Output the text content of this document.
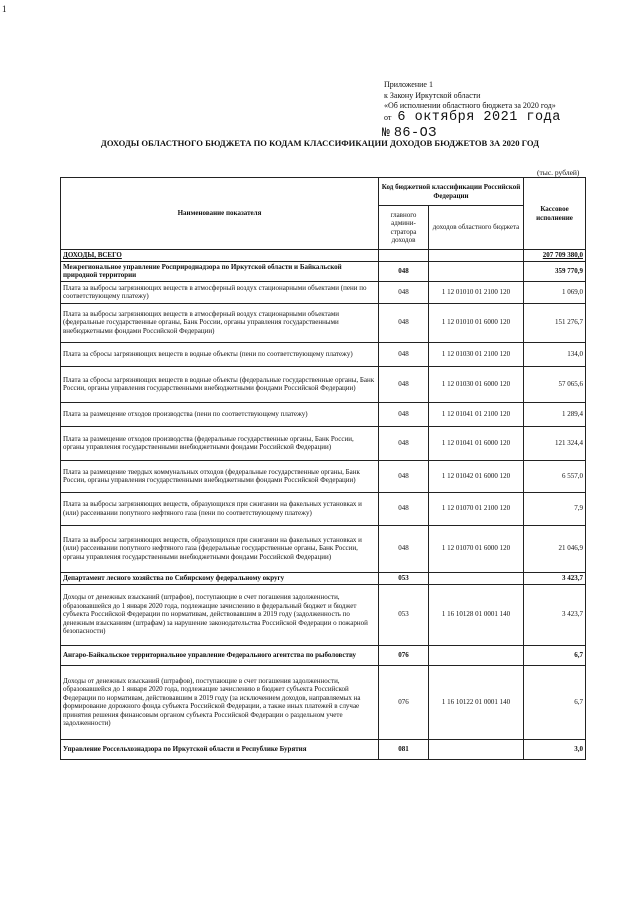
1
Приложение 1
к Закону Иркутской области
«Об исполнении областного бюджета за 2020 год»
от 6 октября 2021 года
№ 86-ОЗ
ДОХОДЫ ОБЛАСТНОГО БЮДЖЕТА ПО КОДАМ КЛАССИФИКАЦИИ ДОХОДОВ БЮДЖЕТОВ ЗА 2020 ГОД
(тыс. рублей)
Наименование показателя	Код бюджетной классификации Российской Федерации		Кассовое исполнение
	главного админи-стратора доходов	доходов областного бюджета	
ДОХОДЫ, ВСЕГО			207 709 380,0
Межрегиональное управление Росприроднадзора по Иркутской области и Байкальской природной территории	048		359 770,9
Плата за выбросы загрязняющих веществ в атмосферный воздух стационарными объектами (пени по соответствующему платежу)	048	1 12 01010 01 2100 120	1 069,0
Плата за выбросы загрязняющих веществ в атмосферный воздух стационарными объектами (федеральные государственные органы, Банк России, органы управления государственными внебюджетными фондами Российской Федерации)	048	1 12 01010 01 6000 120	151 276,7
Плата за сбросы загрязняющих веществ в водные объекты (пени по соответствующему платежу)	048	1 12 01030 01 2100 120	134,0
Плата за сбросы загрязняющих веществ в водные объекты (федеральные государственные органы, Банк России, органы управления государственными внебюджетными фондами Российской Федерации)	048	1 12 01030 01 6000 120	57 065,6
Плата за размещение отходов производства (пени по соответствующему платежу)	048	1 12 01041 01 2100 120	1 289,4
Плата за размещение отходов производства (федеральные государственные органы, Банк России, органы управления государственными внебюджетными фондами Российской Федерации)	048	1 12 01041 01 6000 120	121 324,4
Плата за размещение твердых коммунальных отходов (федеральные государственные органы, Банк России, органы управления государственными внебюджетными фондами Российской Федерации)	048	1 12 01042 01 6000 120	6 557,0
Плата за выбросы загрязняющих веществ, образующихся при сжигании на факельных установках и (или) рассеивании попутного нефтяного газа (пени по соответствующему платежу)	048	1 12 01070 01 2100 120	7,9
Плата за выбросы загрязняющих веществ, образующихся при сжигании на факельных установках и (или) рассеивании попутного нефтяного газа (федеральные государственные органы, Банк России, органы управления государственными внебюджетными фондами Российской Федерации)	048	1 12 01070 01 6000 120	21 046,9
Департамент лесного хозяйства по Сибирскому федеральному округу	053		3 423,7
Доходы от денежных взысканий (штрафов), поступающие в счет погашения задолженности, образовавшейся до 1 января 2020 года, подлежащие зачислению в федеральный бюджет и бюджет субъекта Российской Федерации по нормативам, действовавшим в 2019 году (задолженность по денежным взысканиям (штрафам) за нарушение законодательства Российской Федерации о пожарной безопасности)	053	1 16 10128 01 0001 140	3 423,7
Ангаро-Байкальское территориальное управление Федерального агентства по рыболовству	076		6,7
Доходы от денежных взысканий (штрафов), поступающие в счет погашения задолженности, образовавшейся до 1 января 2020 года, подлежащие зачислению в бюджет субъекта Российской Федерации по нормативам, действовавшим в 2019 году (за исключением доходов, направляемых на формирование дорожного фонда субъекта Российской Федерации, а также иных платежей в случае принятия решения финансовым органом субъекта Российской Федерации о раздельном учете задолженности)	076	1 16 10122 01 0001 140	6,7
Управление Россельхознадзора по Иркутской области и Республике Бурятия	081		3,0
